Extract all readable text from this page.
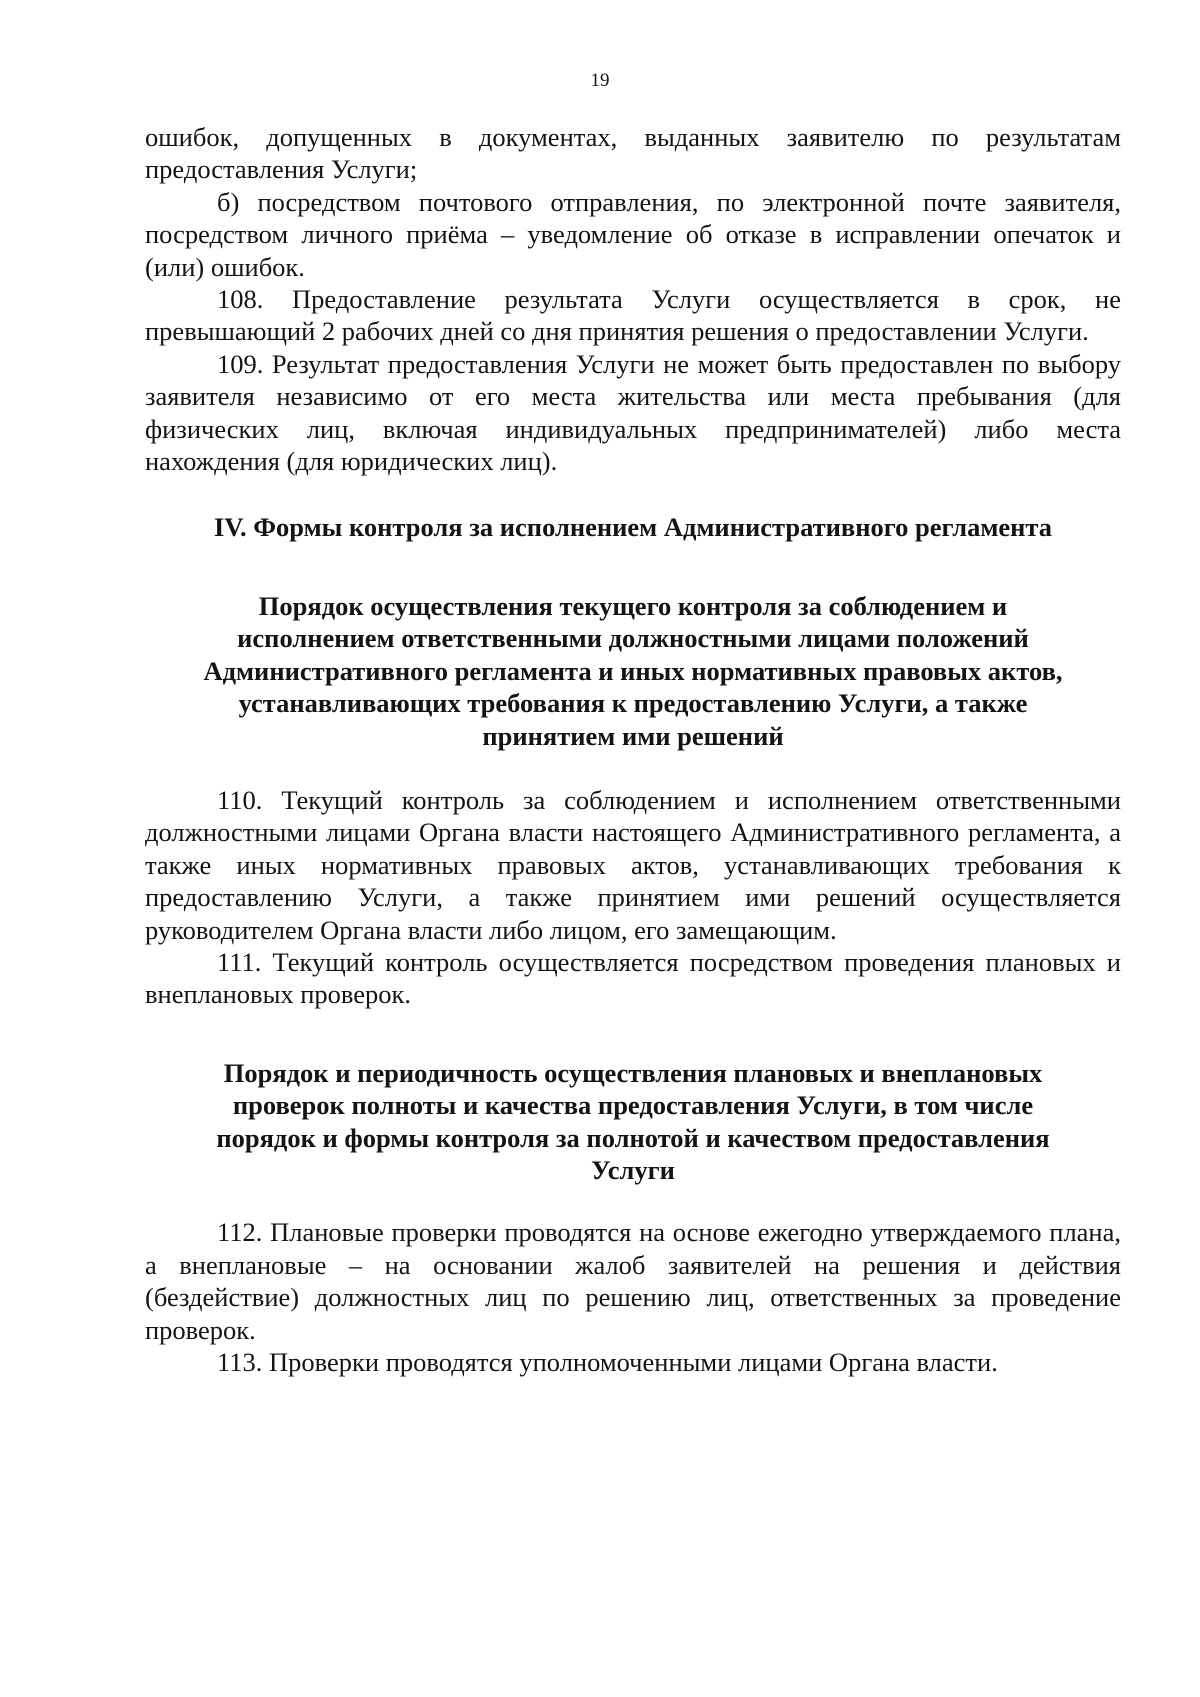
19

ошибок, допущенных в документах, выданных заявителю по результатам предоставления Услуги;

б) посредством почтового отправления, по электронной почте заявителя, посредством личного приёма – уведомление об отказе в исправлении опечаток и (или) ошибок.

108. Предоставление результата Услуги осуществляется в срок, не превышающий 2 рабочих дней со дня принятия решения о предоставлении Услуги.

109. Результат предоставления Услуги не может быть предоставлен по выбору заявителя независимо от его места жительства или места пребывания (для физических лиц, включая индивидуальных предпринимателей) либо места нахождения (для юридических лиц).

IV. Формы контроля за исполнением Административного регламента
Порядок осуществления текущего контроля за соблюдением и
исполнением ответственными должностными лицами положений
Административного регламента и иных нормативных правовых актов,
устанавливающих требования к предоставлению Услуги, а также
принятием ими решений

110. Текущий контроль за соблюдением и исполнением ответственными должностными лицами Органа власти настоящего Административного регламента, а также иных нормативных правовых актов, устанавливающих требования к предоставлению Услуги, а также принятием ими решений осуществляется руководителем Органа власти либо лицом, его замещающим.

111. Текущий контроль осуществляется посредством проведения плановых и внеплановых проверок.

Порядок и периодичность осуществления плановых и внеплановых
проверок полноты и качества предоставления Услуги, в том числе
порядок и формы контроля за полнотой и качеством предоставления
Услуги

112. Плановые проверки проводятся на основе ежегодно утверждаемого плана, а внеплановые – на основании жалоб заявителей на решения и действия (бездействие) должностных лиц по решению лиц, ответственных за проведение проверок.

113. Проверки проводятся уполномоченными лицами Органа власти.
